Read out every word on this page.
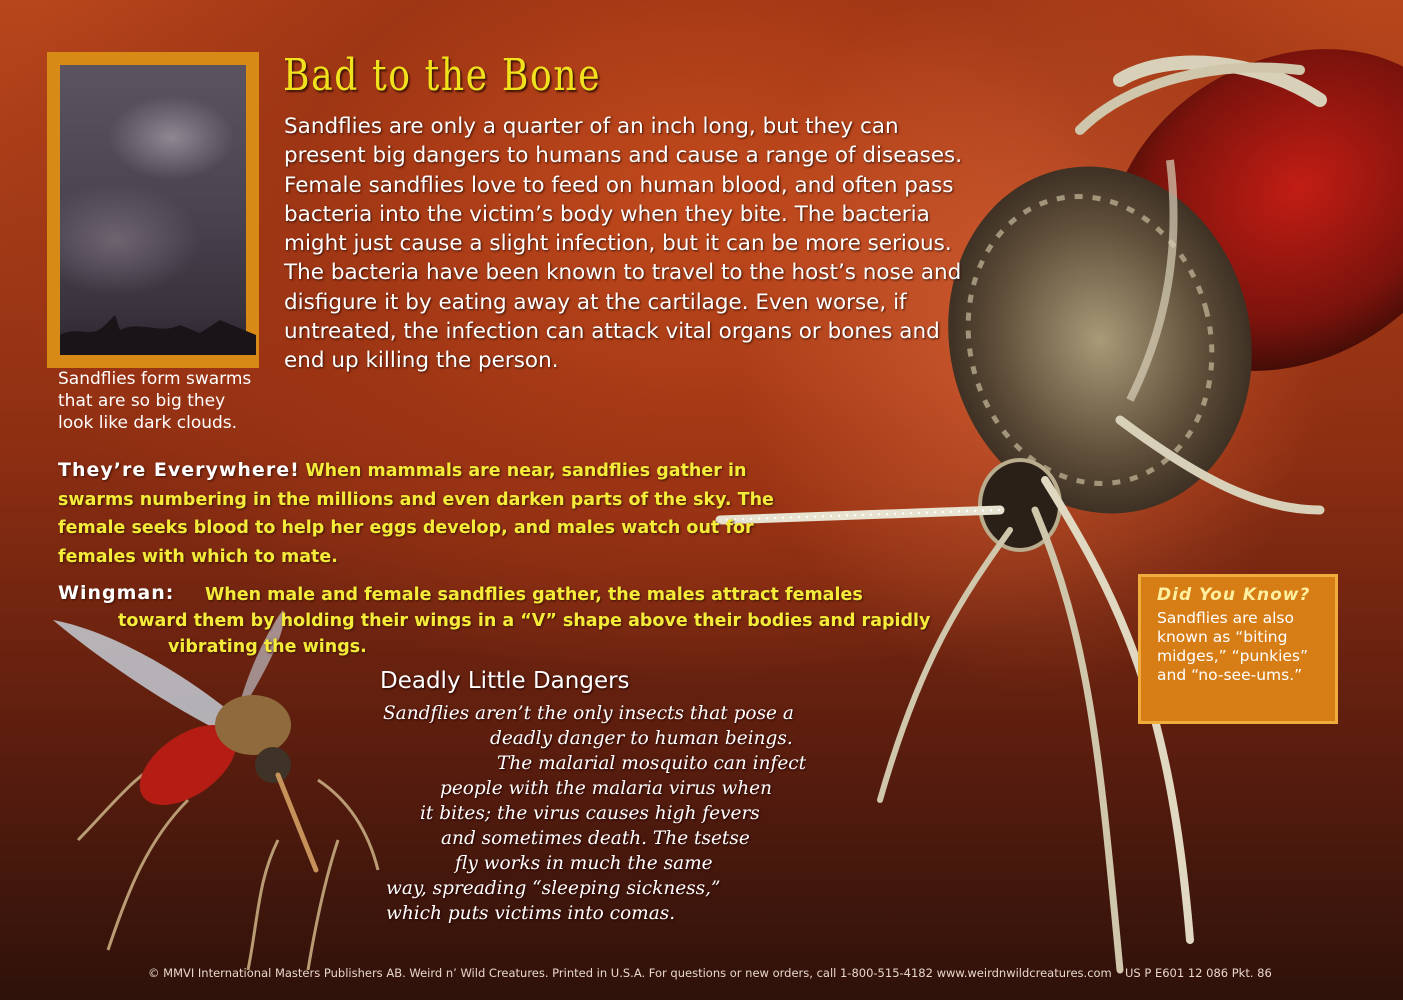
Sandflies form swarms that are so big they look like dark clouds.
Bad to the Bone
Sandflies are only a quarter of an inch long, but they can present big dangers to humans and cause a range of diseases. Female sandflies love to feed on human blood, and often pass bacteria into the victim’s body when they bite. The bacteria might just cause a slight infection, but it can be more serious. The bacteria have been known to travel to the host’s nose and disfigure it by eating away at the cartilage. Even worse, if untreated, the infection can attack vital organs or bones and end up killing the person.
They’re Everywhere! When mammals are near, sandflies gather in swarms numbering in the millions and even darken parts of the sky. The female seeks blood to help her eggs develop, and males watch out for females with which to mate.
Wingman: When male and female sandflies gather, the males attract females
toward them by holding their wings in a “V” shape above their bodies and rapidly
vibrating the wings.
Deadly Little Dangers
Sandflies aren’t the only insects that pose a
deadly danger to human beings.
The malarial mosquito can infect
people with the malaria virus when
it bites; the virus causes high fevers
and sometimes death. The tsetse
fly works in much the same
way, spreading “sleeping sickness,”
which puts victims into comas.
Did You Know?
Sandflies are also known as “biting midges,” “punkies” and “no-see-ums.”
© MMVI International Masters Publishers AB. Weird n’ Wild Creatures. Printed in U.S.A. For questions or new orders, call 1-800-515-4182 www.weirdnwildcreatures.com US P E601 12 086 Pkt. 86
